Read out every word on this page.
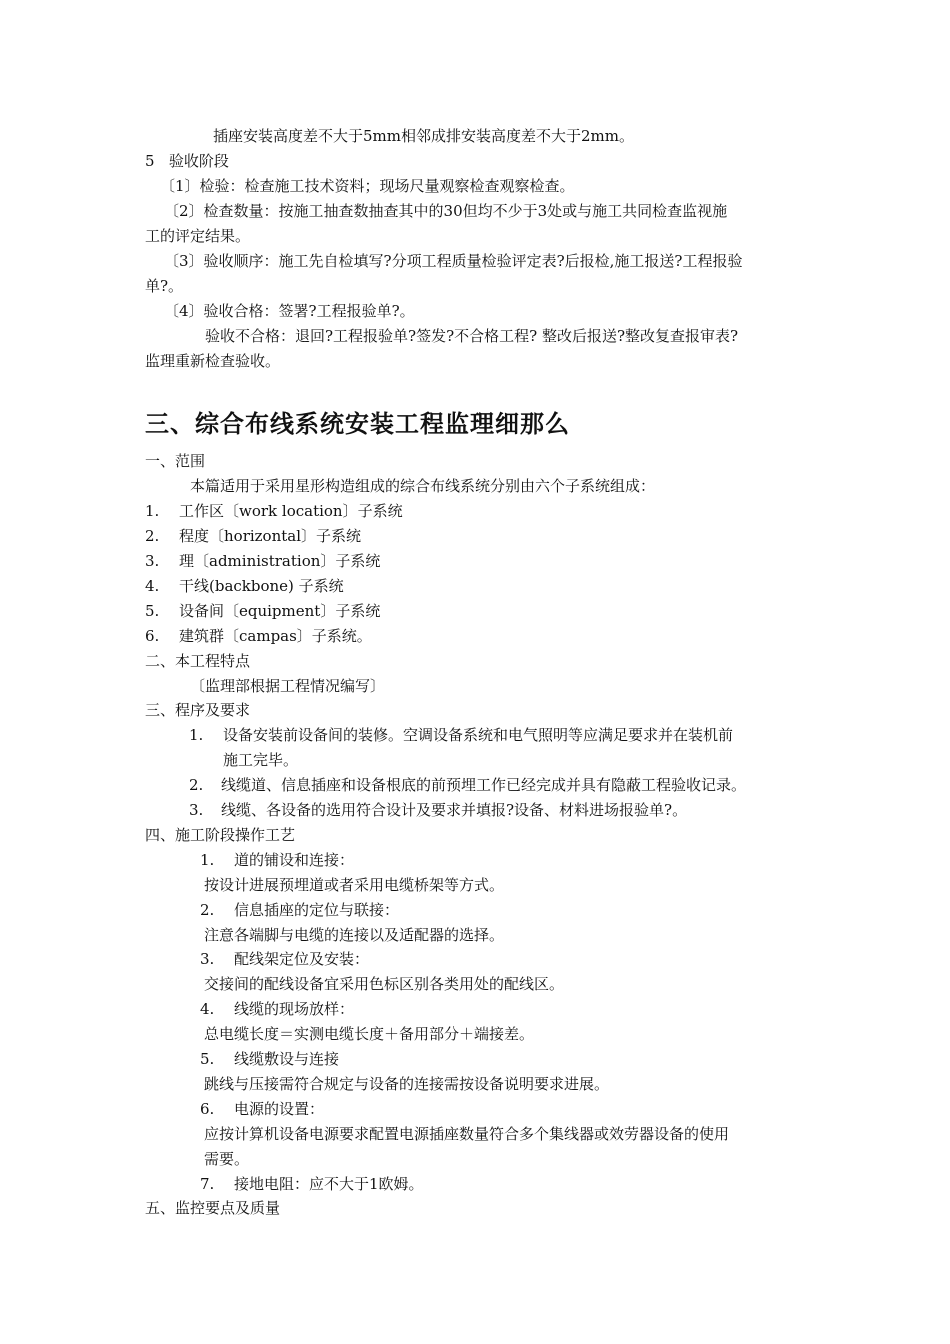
插座安装高度差不大于5mm相邻成排安装高度差不大于2mm。
5 验收阶段
〔1〕检验：检查施工技术资料；现场尺量观察检查观察检查。
〔2〕检查数量：按施工抽查数抽查其中的30但均不少于3处或与施工共同检查监视施
工的评定结果。
〔3〕验收顺序：施工先自检填写?分项工程质量检验评定表?后报检,施工报送?工程报验
单?。
〔4〕验收合格：签署?工程报验单?。
验收不合格：退回?工程报验单?签发?不合格工程? 整改后报送?整改复查报审表?
监理重新检查验收。
三、综合布线系统安装工程监理细那么
一、范围
本篇适用于采用星形构造组成的综合布线系统分别由六个子系统组成：
1. 工作区〔work location〕子系统
2. 程度〔horizontal〕子系统
3. 理〔administration〕子系统
4. 干线(backbone) 子系统
5. 设备间〔equipment〕子系统
6. 建筑群〔campas〕子系统。
二、本工程特点
〔监理部根据工程情况编写〕
三、程序及要求
1. 设备安装前设备间的装修。空调设备系统和电气照明等应满足要求并在装机前
施工完毕。
2. 线缆道、信息插座和设备根底的前预埋工作已经完成并具有隐蔽工程验收记录。
3. 线缆、各设备的选用符合设计及要求并填报?设备、材料进场报验单?。
四、施工阶段操作工艺
1. 道的铺设和连接：
按设计进展预埋道或者采用电缆桥架等方式。
2. 信息插座的定位与联接：
注意各端脚与电缆的连接以及适配器的选择。
3. 配线架定位及安装：
交接间的配线设备宜采用色标区别各类用处的配线区。
4. 线缆的现场放样：
总电缆长度＝实测电缆长度＋备用部分＋端接差。
5. 线缆敷设与连接
跳线与压接需符合规定与设备的连接需按设备说明要求进展。
6. 电源的设置：
应按计算机设备电源要求配置电源插座数量符合多个集线器或效劳器设备的使用
需要。
7. 接地电阻：应不大于1欧姆。
五、监控要点及质量
